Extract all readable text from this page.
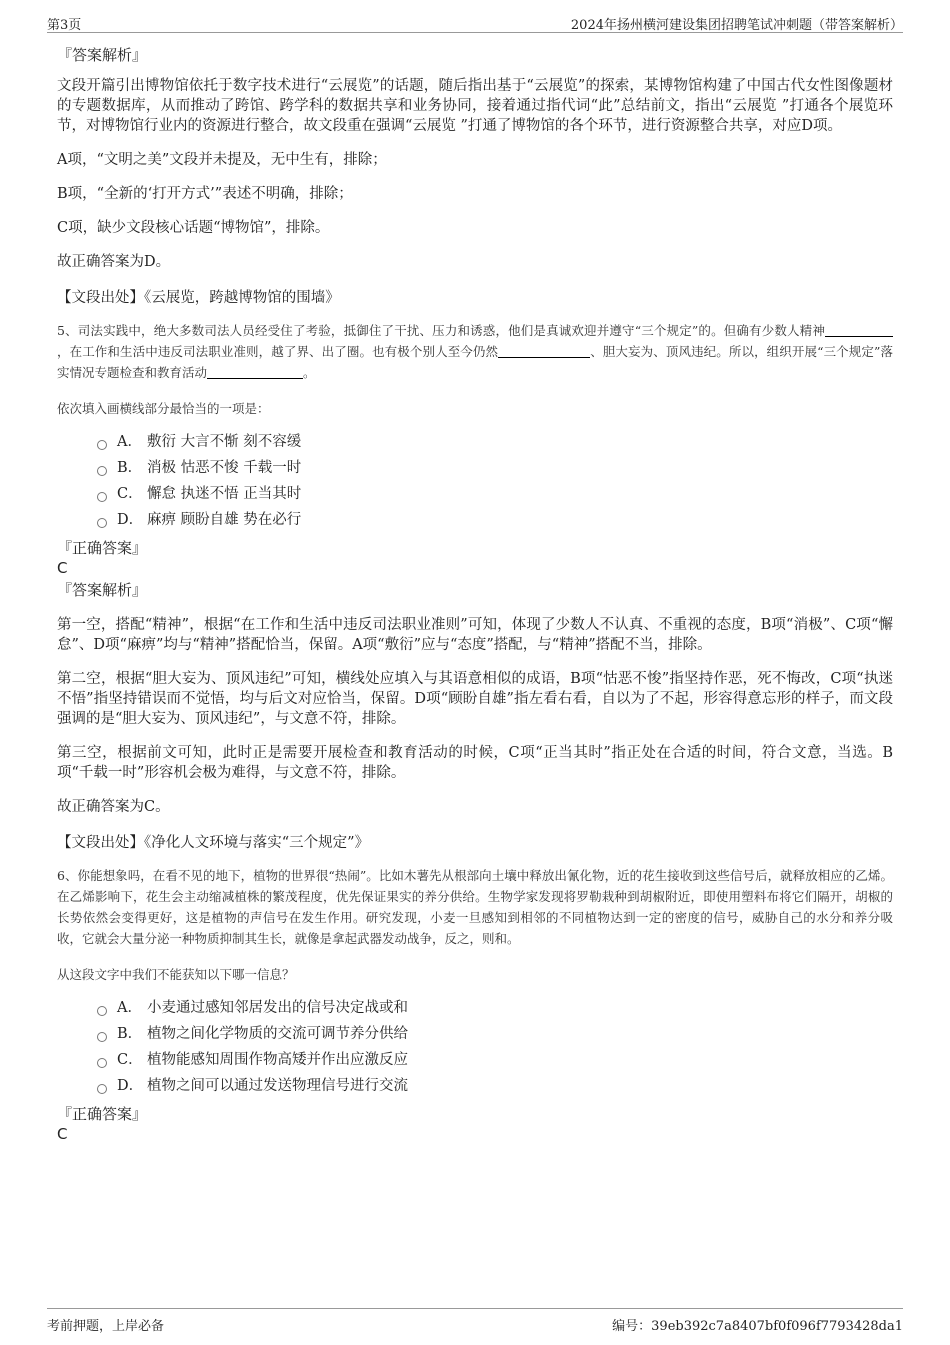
第3页	2024年扬州横河建设集团招聘笔试冲刺题（带答案解析）

『答案解析』

文段开篇引出博物馆依托于数字技术进行“云展览”的话题，随后指出基于“云展览”的探索，某博物馆构建了中国古代女性图像题材的专题数据库，从而推动了跨馆、跨学科的数据共享和业务协同，接着通过指代词“此”总结前文，指出“云展览 ”打通各个展览环节，对博物馆行业内的资源进行整合，故文段重在强调“云展览 ”打通了博物馆的各个环节，进行资源整合共享，对应D项。

A项，“文明之美”文段并未提及，无中生有，排除；

B项，“全新的‘打开方式’”表述不明确，排除；

C项，缺少文段核心话题“博物馆”，排除。

故正确答案为D。

【文段出处】《云展览，跨越博物馆的围墙》

5、司法实践中，绝大多数司法人员经受住了考验，抵御住了干扰、压力和诱惑，他们是真诚欢迎并遵守“三个规定”的。但确有少数人精神，在工作和生活中违反司法职业准则，越了界、出了圈。也有极个别人至今仍然	、胆大妄为、顶风违纪。所以，组织开展“三个规定”落实情况专题检查和教育活动	。

依次填入画横线部分最恰当的一项是：

A． 敷衍 大言不惭 刻不容缓
B． 消极 怙恶不悛 千载一时
C． 懈怠 执迷不悟 正当其时
D． 麻痹 顾盼自雄 势在必行

『正确答案』

C

『答案解析』

第一空，搭配“精神”，根据“在工作和生活中违反司法职业准则”可知，体现了少数人不认真、不重视的态度，B项“消极”、C项“懈怠”、D项“麻痹”均与“精神”搭配恰当，保留。A项“敷衍”应与“态度”搭配，与“精神”搭配不当，排除。

第二空，根据“胆大妄为、顶风违纪”可知，横线处应填入与其语意相似的成语，B项“怙恶不悛”指坚持作恶，死不悔改，C项“执迷不悟”指坚持错误而不觉悟，均与后文对应恰当，保留。D项“顾盼自雄”指左看右看，自以为了不起，形容得意忘形的样子，而文段强调的是“胆大妄为、顶风违纪”，与文意不符，排除。

第三空，根据前文可知，此时正是需要开展检查和教育活动的时候，C项“正当其时”指正处在合适的时间，符合文意，当选。B项“千载一时”形容机会极为难得，与文意不符，排除。

故正确答案为C。

【文段出处】《净化人文环境与落实“三个规定”》

6、你能想象吗，在看不见的地下，植物的世界很“热闹”。比如木薯先从根部向土壤中释放出氰化物，近的花生接收到这些信号后，就释放相应的乙烯。在乙烯影响下，花生会主动缩减植株的繁茂程度，优先保证果实的养分供给。生物学家发现将罗勒栽种到胡椒附近，即使用塑料布将它们隔开，胡椒的长势依然会变得更好，这是植物的声信号在发生作用。研究发现，小麦一旦感知到相邻的不同植物达到一定的密度的信号，威胁自己的水分和养分吸收，它就会大量分泌一种物质抑制其生长，就像是拿起武器发动战争，反之，则和。

从这段文字中我们不能获知以下哪一信息？

A． 小麦通过感知邻居发出的信号决定战或和
B． 植物之间化学物质的交流可调节养分供给
C． 植物能感知周围作物高矮并作出应激反应
D． 植物之间可以通过发送物理信号进行交流

『正确答案』

C

考前押题，上岸必备	编号：39eb392c7a8407bf0f096f7793428da1
